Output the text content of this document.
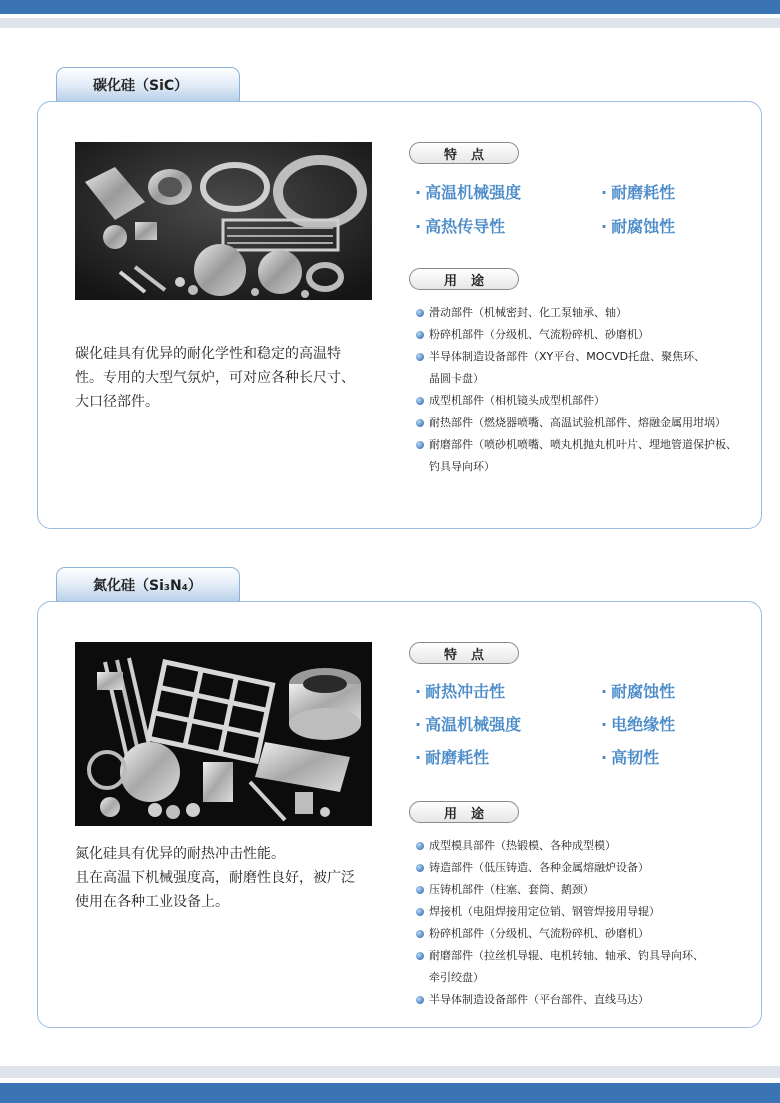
碳化硅（SiC）
碳化硅具有优异的耐化学性和稳定的高温特
性。专用的大型气氛炉，可对应各种长尺寸、
大口径部件。
特点
· 高温机械强度	· 耐磨耗性
· 高热传导性	· 耐腐蚀性
用途
滑动部件（机械密封、化工泵轴承、轴）
粉碎机部件（分级机、气流粉碎机、砂磨机）
半导体制造设备部件（XY平台、MOCVD托盘、聚焦环、
晶圆卡盘）
成型机部件（相机镜头成型机部件）
耐热部件（燃烧器喷嘴、高温试验机部件、熔融金属用坩埚）
耐磨部件（喷砂机喷嘴、喷丸机抛丸机叶片、埋地管道保护板、
钓具导向环）
氮化硅（Si₃N₄）
氮化硅具有优异的耐热冲击性能。
且在高温下机械强度高，耐磨性良好，被广泛
使用在各种工业设备上。
特点
· 耐热冲击性	· 耐腐蚀性
· 高温机械强度	· 电绝缘性
· 耐磨耗性	· 高韧性
用途
成型模具部件（热锻模、各种成型模）
铸造部件（低压铸造、各种金属熔融炉设备）
压铸机部件（柱塞、套筒、鹅颈）
焊接机（电阻焊接用定位销、钢管焊接用导辊）
粉碎机部件（分级机、气流粉碎机、砂磨机）
耐磨部件（拉丝机导辊、电机转轴、轴承、钓具导向环、
牵引绞盘）
半导体制造设备部件（平台部件、直线马达）
